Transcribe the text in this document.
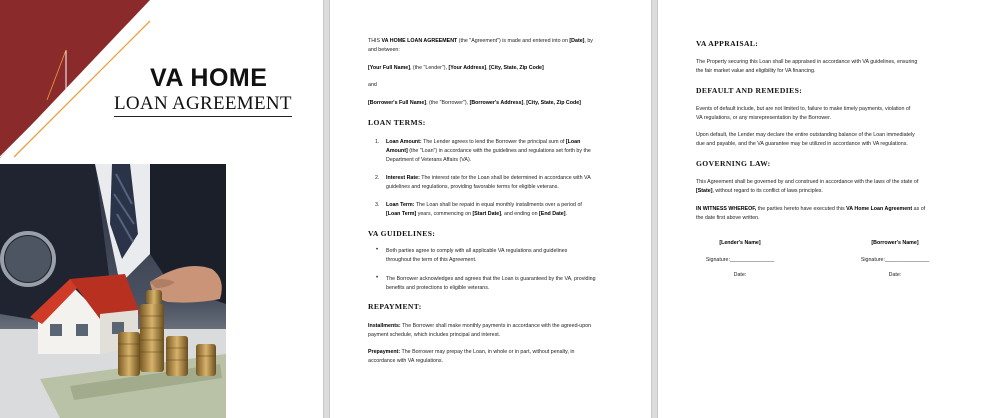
VA HOME
LOAN AGREEMENT

THIS VA HOME LOAN AGREEMENT (the "Agreement") is made and entered into on [Date], by

and between:

[Your Full Name], (the "Lender"), [Your Address], [City, State, Zip Code]

and

[Borrower's Full Name], (the "Borrower"), [Borrower's Address], [City, State, Zip Code]

LOAN TERMS:
1. Loan Amount: The Lender agrees to lend the Borrower the principal sum of [Loan

Amount] (the "Loan") in accordance with the guidelines and regulations set forth by the

Department of Veterans Affairs (VA).

2. Interest Rate: The interest rate for the Loan shall be determined in accordance with VA

guidelines and regulations, providing favorable terms for eligible veterans.

3. Loan Term: The Loan shall be repaid in equal monthly installments over a period of

[Loan Term] years, commencing on [Start Date], and ending on [End Date].

VA GUIDELINES:
• Both parties agree to comply with all applicable VA regulations and guidelines

throughout the term of this Agreement.

• The Borrower acknowledges and agrees that the Loan is guaranteed by the VA, providing

benefits and protections to eligible veterans.

REPAYMENT:

Installments: The Borrower shall make monthly payments in accordance with the agreed-upon

payment schedule, which includes principal and interest.

Prepayment: The Borrower may prepay the Loan, in whole or in part, without penalty, in

accordance with VA regulations.

VA APPRAISAL:

The Property securing this Loan shall be appraised in accordance with VA guidelines, ensuring

the fair market value and eligibility for VA financing.

DEFAULT AND REMEDIES:

Events of default include, but are not limited to, failure to make timely payments, violation of

VA regulations, or any misrepresentation by the Borrower.

Upon default, the Lender may declare the entire outstanding balance of the Loan immediately

due and payable, and the VA guarantee may be utilized in accordance with VA regulations.

GOVERNING LAW:

This Agreement shall be governed by and construed in accordance with the laws of the state of

[State], without regard to its conflict of laws principles.

IN WITNESS WHEREOF, the parties hereto have executed this VA Home Loan Agreement as of

the date first above written.

[Lender's Name]
Signature:_______________
Date:
[Borrower's Name]
Signature:_______________
Date:
